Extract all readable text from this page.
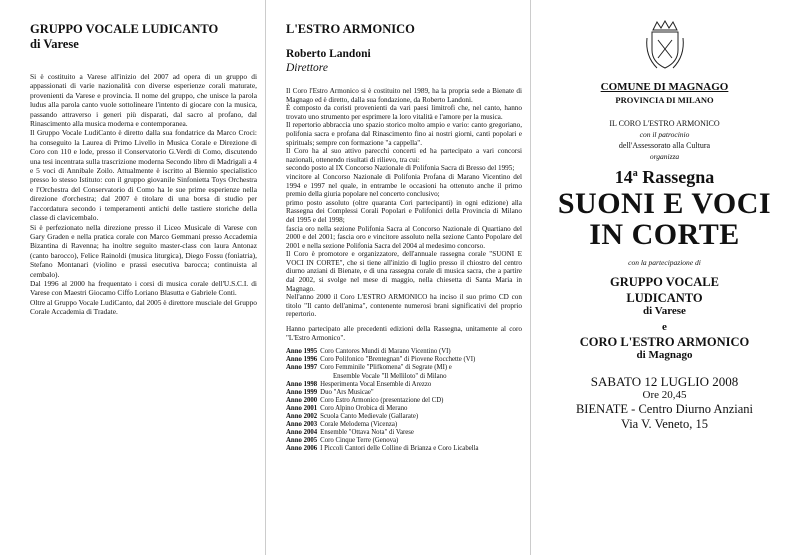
GRUPPO VOCALE LUDICANTO
di Varese

Si è costituito a Varese all'inizio del 2007 ad opera di un gruppo di appassionati di varie nazionalità con diverse esperienze corali maturate, provenienti da Varese e provincia. Il nome del gruppo, che unisce la parola ludus alla parola canto vuole sottolineare l'intento di giocare con la musica, passando attraverso i generi più disparati, dal sacro al profano, dal Rinascimento alla musica moderna e contemporanea.

Il Gruppo Vocale LudiCanto è diretto dalla sua fondatrice da Marco Croci: ha conseguito la Laurea di Primo Livello in Musica Corale e Direzione di Coro con 110 e lode, presso il Conservatorio G.Verdi di Como, discutendo una tesi incentrata sulla trascrizione moderna Secondo libro di Madrigali a 4 e 5 voci di Annibale Zoilo. Attualmente è iscritto al Biennio specialistico presso lo stesso Istituto: con il gruppo giovanile Sinfonietta Toys Orchestra e l'Orchestra del Conservatorio di Como ha le sue prime esperienze nella direzione d'orchestra; dal 2007 è titolare di una borsa di studio per l'accordatura secondo i temperamenti antichi delle tastiere storiche della classe di clavicembalo.

Si è perfezionato nella direzione presso il Liceo Musicale di Varese con Gary Graden e nella pratica corale con Marco Gemmani presso Accademia Bizantina di Ravenna; ha inoltre seguito master-class con laura Antonaz (canto barocco), Felice Rainoldi (musica liturgica), Diego Fossu (fonìatria), Stefano Montanari (violino e prassi esecutiva barocca; continuista al cembalo).

Dal 1996 al 2000 ha frequentato i corsi di musica corale dell'U.S.C.I. di Varese con Maestri Giocamo Ciffo Loriano Blasutta e Gabriele Conti.

Oltre al Gruppo Vocale LudiCanto, dal 2005 è direttore musciale del Gruppo Corale Accademia di Tradate.

L'ESTRO ARMONICO
Roberto Landoni
Direttore

Il Coro l'Estro Armonico si è costituito nel 1989, ha la propria sede a Bienate di Magnago ed è diretto, dalla sua fondazione, da Roberto Landoni.

È composto da coristi provenienti da vari paesi limitrofi che, nel canto, hanno trovato uno strumento per esprimere la loro vitalità e l'amore per la musica.

Il repertorio abbraccia uno spazio storico molto ampio e vario: canto gregoriano, polifonia sacra e profana dal Rinascimento fino ai nostri giorni, canti popolari e spirituals; sempre con formazione "a cappella".

Il Coro ha al suo attivo parecchi concerti ed ha partecipato a vari concorsi nazionali, ottenendo risultati di rilievo, tra cui:

secondo posto al IX Concorso Nazionale di Polifonia Sacra di Bresso del 1995;

vincitore al Concorso Nazionale di Polifonia Profana di Marano Vicentino del 1994 e 1997 nel quale, in entrambe le occasioni ha ottenuto anche il primo premio della giuria popolare nel concerto conclusivo;

primo posto assoluto (oltre quaranta Cori partecipanti) in ogni edizione) alla Rassegna dei Complessi Corali Popolari e Polifonici della Provincia di Milano del 1995 e del 1998;

fascia oro nella sezione Polifonia Sacra al Concorso Nazionale di Quartiano del 2000 e del 2001; fascia oro e vincitore assoluto nella sezione Canto Popolare del 2001 e nella sezione Polifonia Sacra del 2004 al medesimo concorso.

Il Coro è promotore e organizzatore, dell'annuale rassegna corale "SUONI E VOCI IN CORTE", che si tiene all'inizio di luglio presso il chiostro del centro diurno anziani di Bienate, e di una rassegna corale di musica sacra, che a partire dal 2002, si svolge nel mese di maggio, nella chiesetta di Santa Maria in Magnago.

Nell'anno 2000 il Coro L'ESTRO ARMONICO ha inciso il suo primo CD con titolo "Il canto dell'anima", contenente numerosi brani significativi del proprio repertorio.

Hanno partecipato alle precedenti edizioni della Rassegna, unitamente al coro "L'Estro Armonico".

Anno 1995 Coro Cantores Mundi di Marano Vicentino (VI)
Anno 1996 Coro Polifonico "Brentegnan" di Piovene Rocchette (VI)
Anno 1997 Coro Femminile "Plifkomena" di Segrate (MI) e
Ensemble Vocale "Il Melliloto" di Milano
Anno 1998 Hesperimenta Vocal Ensemble di Arezzo
Anno 1999 Duo "Ars Musicae"
Anno 2000 Coro Estro Armonico (presentazione del CD)
Anno 2001 Coro Alpino Orobica di Merano
Anno 2002 Scuola Canto Medievale (Gallarate)
Anno 2003 Corale Melodema (Vicenza)
Anno 2004 Ensemble "Ottava Nota" di Varese
Anno 2005 Coro Cinque Terre (Genova)
Anno 2006 I Piccoli Cantori delle Colline di Brianza e Coro Licabella
COMUNE DI MAGNAGO
PROVINCIA DI MILANO
IL CORO L'ESTRO ARMONICO
con il patrocinio
dell'Assessorato alla Cultura
organizza
14$^a$ Rassegna
SUONI E VOCI
IN CORTE
con la partecipazione di
GRUPPO VOCALE
LUDICANTO
di Varese
e
CORO L'ESTRO ARMONICO
di Magnago
SABATO 12 LUGLIO 2008
Ore 20,45
BIENATE - Centro Diurno Anziani
Via V. Veneto, 15
